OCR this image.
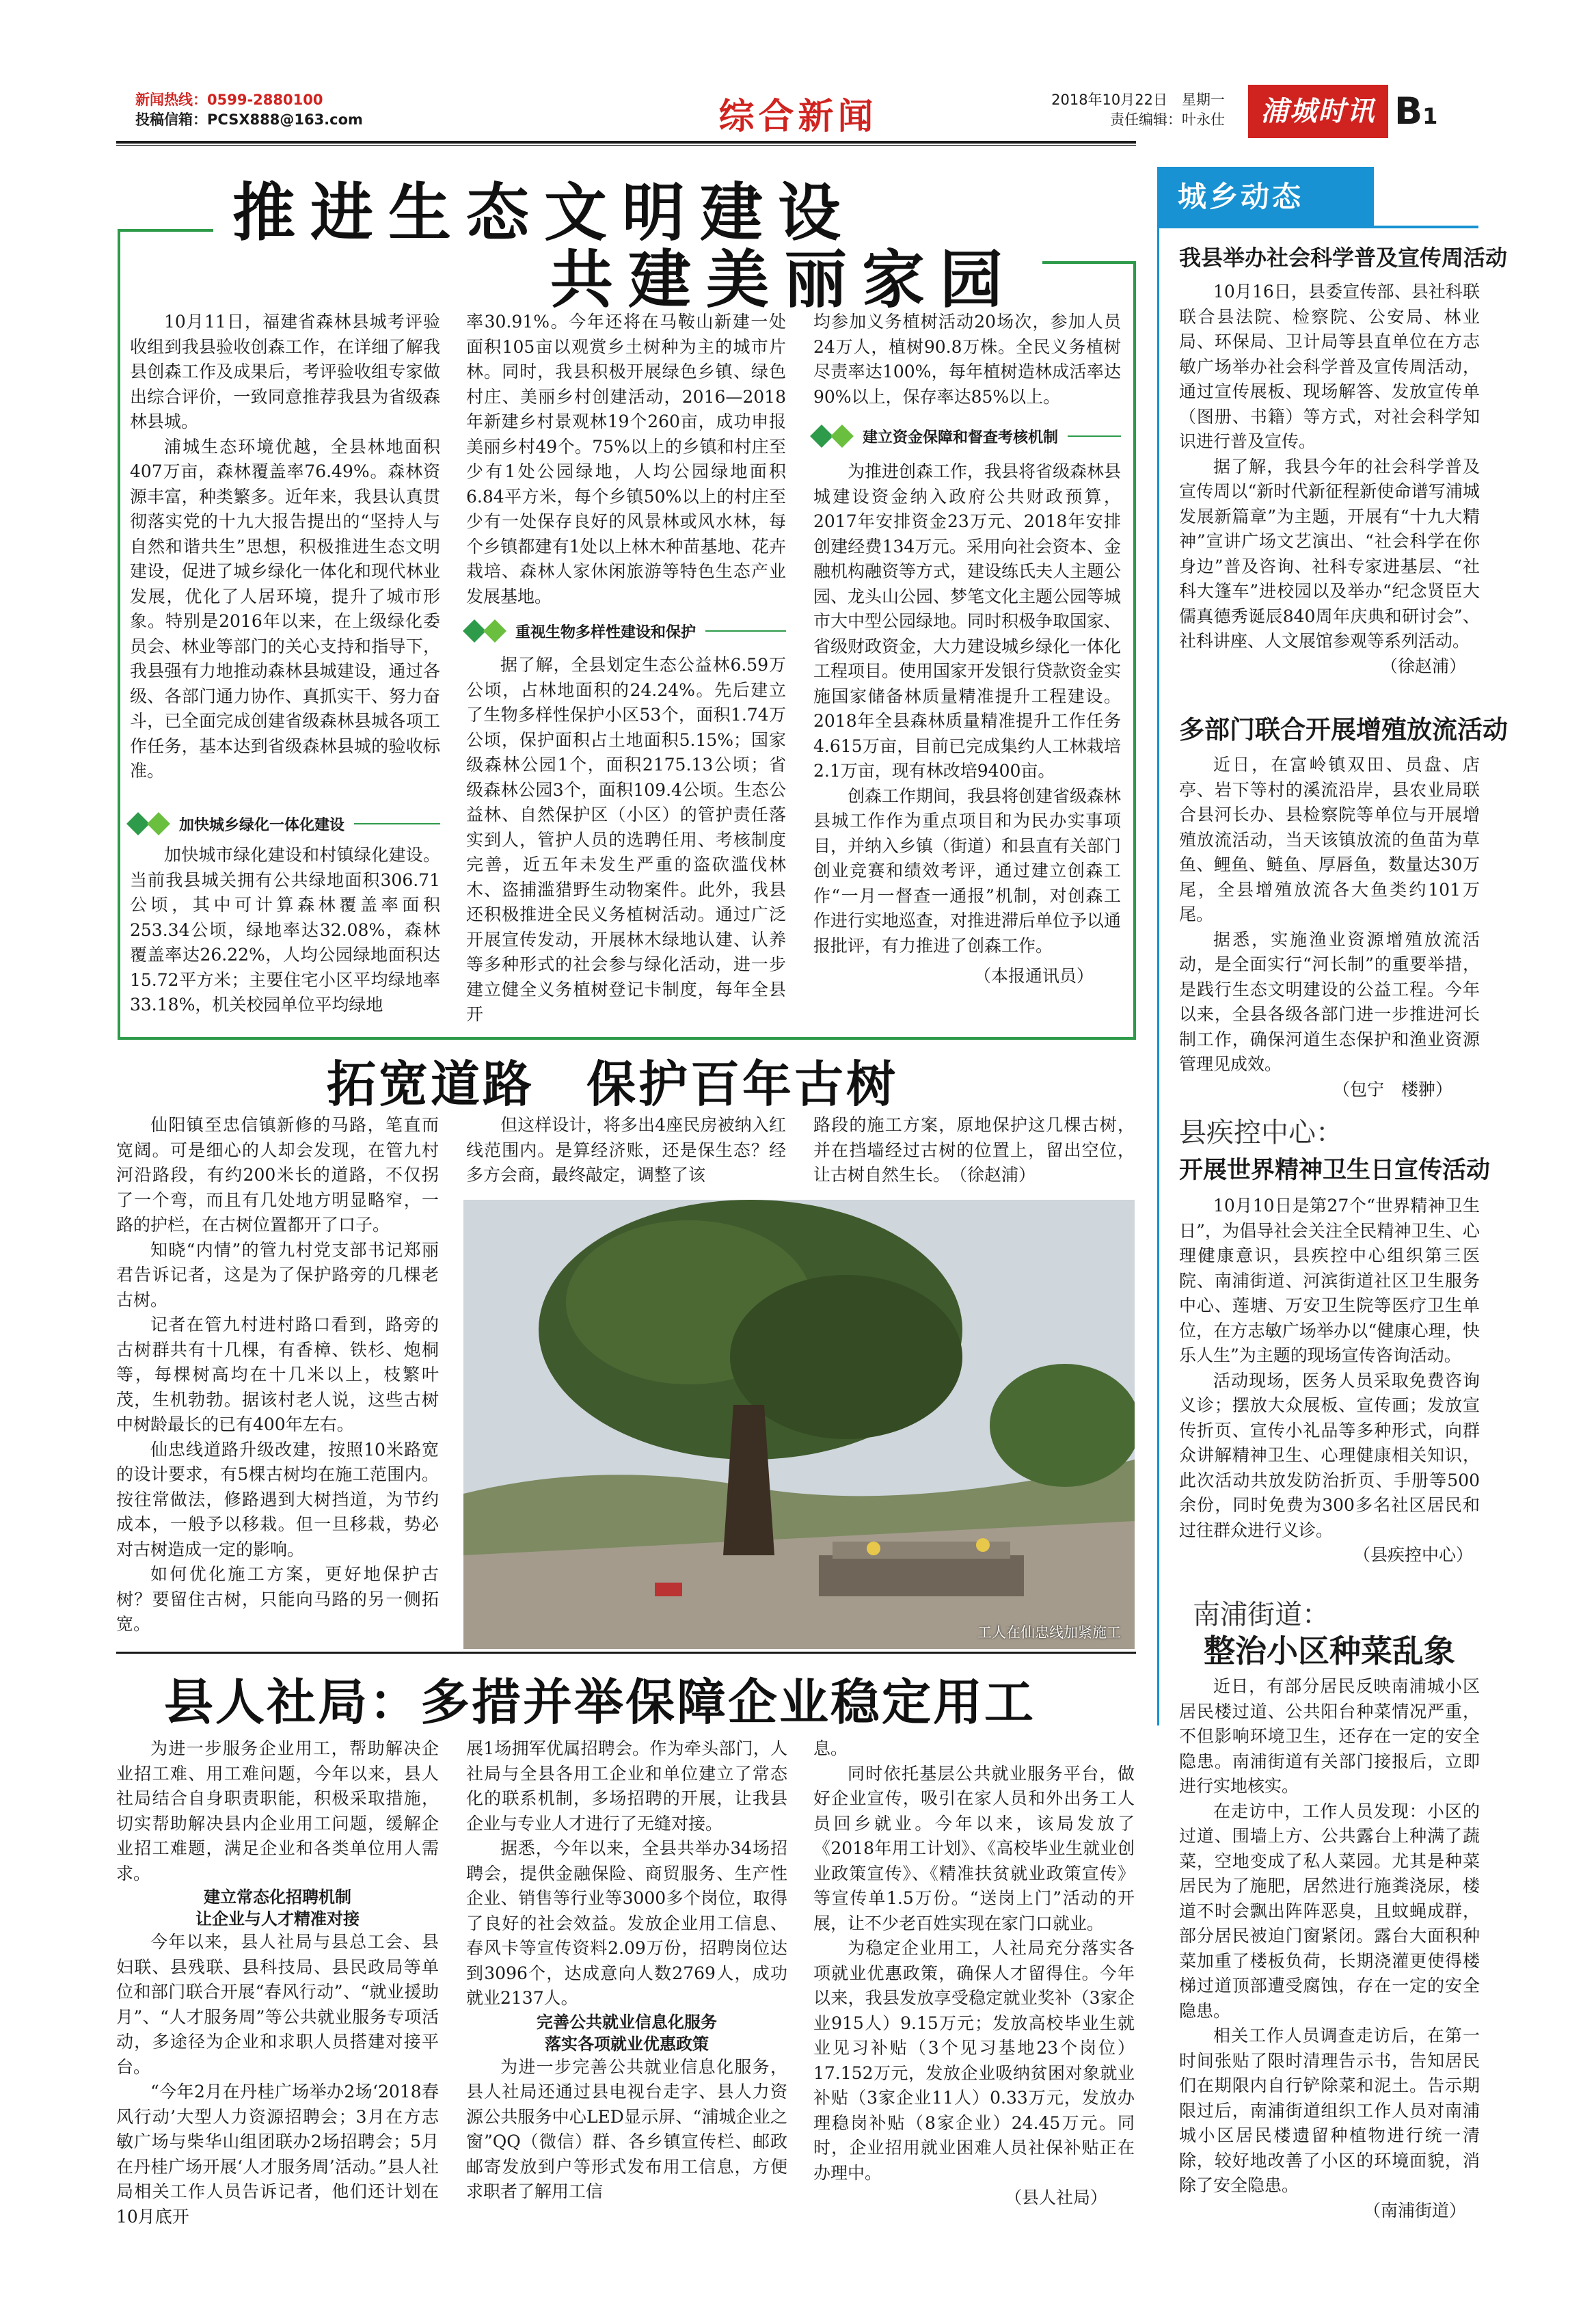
新闻热线：0599-2880100
投稿信箱：PCSX888@163.com	综合新闻	2018年10月22日　星期一
责任编辑：叶永仕	浦城时讯 B1
推进生态文明建设
共建美丽家园

10月11日，福建省森林县城考评验收组到我县验收创森工作，在详细了解我县创森工作及成果后，考评验收组专家做出综合评价，一致同意推荐我县为省级森林县城。

浦城生态环境优越，全县林地面积407万亩，森林覆盖率76.49%。森林资源丰富，种类繁多。近年来，我县认真贯彻落实党的十九大报告提出的“坚持人与自然和谐共生”思想，积极推进生态文明建设，促进了城乡绿化一体化和现代林业发展，优化了人居环境，提升了城市形象。特别是2016年以来，在上级绿化委员会、林业等部门的关心支持和指导下，我县强有力地推动森林县城建设，通过各级、各部门通力协作、真抓实干、努力奋斗，已全面完成创建省级森林县城各项工作任务，基本达到省级森林县城的验收标准。

加快城乡绿化一体化建设

加快城市绿化建设和村镇绿化建设。当前我县城关拥有公共绿地面积306.71公顷，其中可计算森林覆盖率面积253.34公顷，绿地率达32.08%，森林覆盖率达26.22%，人均公园绿地面积达15.72平方米；主要住宅小区平均绿地率33.18%，机关校园单位平均绿地

率30.91%。今年还将在马鞍山新建一处面积105亩以观赏乡土树种为主的城市片林。同时，我县积极开展绿色乡镇、绿色村庄、美丽乡村创建活动，2016—2018年新建乡村景观林19个260亩，成功申报美丽乡村49个。75%以上的乡镇和村庄至少有1处公园绿地，人均公园绿地面积6.84平方米，每个乡镇50%以上的村庄至少有一处保存良好的风景林或风水林，每个乡镇都建有1处以上林木种苗基地、花卉栽培、森林人家休闲旅游等特色生态产业发展基地。

重视生物多样性建设和保护

据了解，全县划定生态公益林6.59万公顷，占林地面积的24.24%。先后建立了生物多样性保护小区53个，面积1.74万公顷，保护面积占土地面积5.15%；国家级森林公园1个，面积2175.13公顷；省级森林公园3个，面积109.4公顷。生态公益林、自然保护区（小区）的管护责任落实到人，管护人员的选聘任用、考核制度完善，近五年未发生严重的盗砍滥伐林木、盗捕滥猎野生动物案件。此外，我县还积极推进全民义务植树活动。通过广泛开展宣传发动，开展林木绿地认建、认养等多种形式的社会参与绿化活动，进一步建立健全义务植树登记卡制度，每年全县开

均参加义务植树活动20场次，参加人员24万人，植树90.8万株。全民义务植树尽责率达100%，每年植树造林成活率达90%以上，保存率达85%以上。

建立资金保障和督查考核机制

为推进创森工作，我县将省级森林县城建设资金纳入政府公共财政预算，2017年安排资金23万元、2018年安排创建经费134万元。采用向社会资本、金融机构融资等方式，建设练氏夫人主题公园、龙头山公园、梦笔文化主题公园等城市大中型公园绿地。同时积极争取国家、省级财政资金，大力建设城乡绿化一体化工程项目。使用国家开发银行贷款资金实施国家储备林质量精准提升工程建设。2018年全县森林质量精准提升工作任务4.615万亩，目前已完成集约人工林栽培2.1万亩，现有林改培9400亩。

创森工作期间，我县将创建省级森林县城工作作为重点项目和为民办实事项目，并纳入乡镇（街道）和县直有关部门创业竞赛和绩效考评，通过建立创森工作“一月一督查一通报”机制，对创森工作进行实地巡查，对推进滞后单位予以通报批评，有力推进了创森工作。

（本报通讯员）

拓宽道路　保护百年古树

仙阳镇至忠信镇新修的马路，笔直而宽阔。可是细心的人却会发现，在管九村河沿路段，有约200米长的道路，不仅拐了一个弯，而且有几处地方明显略窄，一路的护栏，在古树位置都开了口子。

知晓“内情”的管九村党支部书记郑丽君告诉记者，这是为了保护路旁的几棵老古树。

记者在管九村进村路口看到，路旁的古树群共有十几棵，有香樟、铁杉、炮桐等，每棵树高均在十几米以上，枝繁叶茂，生机勃勃。据该村老人说，这些古树中树龄最长的已有400年左右。

仙忠线道路升级改建，按照10米路宽的设计要求，有5棵古树均在施工范围内。按往常做法，修路遇到大树挡道，为节约成本，一般予以移栽。但一旦移栽，势必对古树造成一定的影响。

如何优化施工方案，更好地保护古树？要留住古树，只能向马路的另一侧拓宽。

但这样设计，将多出4座民房被纳入红线范围内。是算经济账，还是保生态？经多方会商，最终敲定，调整了该

路段的施工方案，原地保护这几棵古树，并在挡墙经过古树的位置上，留出空位，让古树自然生长。　（徐赵浦）

工人在仙忠线加紧施工
县人社局：多措并举保障企业稳定用工

为进一步服务企业用工，帮助解决企业招工难、用工难问题，今年以来，县人社局结合自身职责职能，积极采取措施，切实帮助解决县内企业用工问题，缓解企业招工难题，满足企业和各类单位用人需求。

建立常态化招聘机制

让企业与人才精准对接

今年以来，县人社局与县总工会、县妇联、县残联、县科技局、县民政局等单位和部门联合开展“春风行动”、“就业援助月”、“人才服务周”等公共就业服务专项活动，多途径为企业和求职人员搭建对接平台。

“今年2月在丹桂广场举办2场‘2018春风行动’大型人力资源招聘会；3月在方志敏广场与柴华山组团联办2场招聘会；5月在丹桂广场开展‘人才服务周’活动。”县人社局相关工作人员告诉记者，他们还计划在10月底开

展1场拥军优属招聘会。作为牵头部门，人社局与全县各用工企业和单位建立了常态化的联系机制，多场招聘的开展，让我县企业与专业人才进行了无缝对接。

据悉，今年以来，全县共举办34场招聘会，提供金融保险、商贸服务、生产性企业、销售等行业等3000多个岗位，取得了良好的社会效益。发放企业用工信息、春风卡等宣传资料2.09万份，招聘岗位达到3096个，达成意向人数2769人，成功就业2137人。

完善公共就业信息化服务

落实各项就业优惠政策

为进一步完善公共就业信息化服务，县人社局还通过县电视台走字、县人力资源公共服务中心LED显示屏、“浦城企业之窗”QQ（微信）群、各乡镇宣传栏、邮政邮寄发放到户等形式发布用工信息，方便求职者了解用工信

息。

同时依托基层公共就业服务平台，做好企业宣传，吸引在家人员和外出务工人员回乡就业。今年以来，该局发放了《2018年用工计划》、《高校毕业生就业创业政策宣传》、《精准扶贫就业政策宣传》等宣传单1.5万份。“送岗上门”活动的开展，让不少老百姓实现在家门口就业。

为稳定企业用工，人社局充分落实各项就业优惠政策，确保人才留得住。今年以来，我县发放享受稳定就业奖补（3家企业915人）9.15万元；发放高校毕业生就业见习补贴（3个见习基地23个岗位）17.152万元，发放企业吸纳贫困对象就业补贴（3家企业11人）0.33万元，发放办理稳岗补贴（8家企业）24.45万元。同时，企业招用就业困难人员社保补贴正在办理中。

（县人社局）

城乡动态
我县举办社会科学普及宣传周活动

10月16日，县委宣传部、县社科联联合县法院、检察院、公安局、林业局、环保局、卫计局等县直单位在方志敏广场举办社会科学普及宣传周活动，通过宣传展板、现场解答、发放宣传单（图册、书籍）等方式，对社会科学知识进行普及宣传。

据了解，我县今年的社会科学普及宣传周以“新时代新征程新使命谱写浦城发展新篇章”为主题，开展有“十九大精神”宣讲广场文艺演出、“社会科学在你身边”普及咨询、社科专家进基层、“社科大篷车”进校园以及举办“纪念贤臣大儒真德秀诞辰840周年庆典和研讨会”、社科讲座、人文展馆参观等系列活动。

（徐赵浦）

多部门联合开展增殖放流活动

近日，在富岭镇双田、员盘、店亭、岩下等村的溪流沿岸，县农业局联合县河长办、县检察院等单位与开展增殖放流活动，当天该镇放流的鱼苗为草鱼、鲤鱼、鲢鱼、厚唇鱼，数量达30万尾，全县增殖放流各大鱼类约101万尾。

据悉，实施渔业资源增殖放流活动，是全面实行“河长制”的重要举措，是践行生态文明建设的公益工程。今年以来，全县各级各部门进一步推进河长制工作，确保河道生态保护和渔业资源管理见成效。

（包宁　楼翀）

县疾控中心：
开展世界精神卫生日宣传活动

10月10日是第27个“世界精神卫生日”，为倡导社会关注全民精神卫生、心理健康意识，县疾控中心组织第三医院、南浦街道、河滨街道社区卫生服务中心、莲塘、万安卫生院等医疗卫生单位，在方志敏广场举办以“健康心理，快乐人生”为主题的现场宣传咨询活动。

活动现场，医务人员采取免费咨询义诊；摆放大众展板、宣传画；发放宣传折页、宣传小礼品等多种形式，向群众讲解精神卫生、心理健康相关知识，此次活动共放发防治折页、手册等500余份，同时免费为300多名社区居民和过往群众进行义诊。

（县疾控中心）

南浦街道：
整治小区种菜乱象

近日，有部分居民反映南浦城小区居民楼过道、公共阳台种菜情况严重，不但影响环境卫生，还存在一定的安全隐患。南浦街道有关部门接报后，立即进行实地核实。

在走访中，工作人员发现：小区的过道、围墙上方、公共露台上种满了蔬菜，空地变成了私人菜园。尤其是种菜居民为了施肥，居然进行施粪浇尿，楼道不时会飘出阵阵恶臭，且蚊蝇成群，部分居民被迫门窗紧闭。露台大面积种菜加重了楼板负荷，长期浇灌更使得楼梯过道顶部遭受腐蚀，存在一定的安全隐患。

相关工作人员调查走访后，在第一时间张贴了限时清理告示书，告知居民们在期限内自行铲除菜和泥土。告示期限过后，南浦街道组织工作人员对南浦城小区居民楼遗留种植物进行统一清除，较好地改善了小区的环境面貌，消除了安全隐患。

（南浦街道）
